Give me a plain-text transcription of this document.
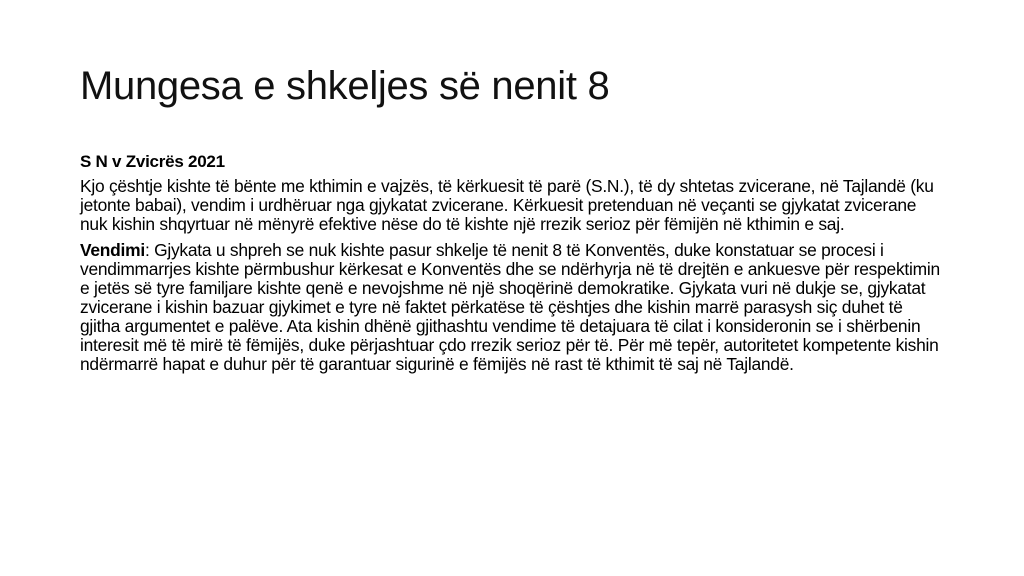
Mungesa e shkeljes së nenit 8

S N v Zvicrës 2021

Kjo çështje kishte të bënte me kthimin e vajzës, të kërkuesit të parë (S.N.), të dy shtetas zvicerane, në Tajlandë (ku jetonte babai), vendim i urdhëruar nga gjykatat zvicerane. Kërkuesit pretenduan në veçanti se gjykatat zvicerane nuk kishin shqyrtuar në mënyrë efektive nëse do të kishte një rrezik serioz për fëmijën në kthimin e saj.

Vendimi: Gjykata u shpreh se nuk kishte pasur shkelje të nenit 8 të Konventës, duke konstatuar se procesi i vendimmarrjes kishte përmbushur kërkesat e Konventës dhe se ndërhyrja në të drejtën e ankuesve për respektimin e jetës së tyre familjare kishte qenë e nevojshme në një shoqërinë demokratike. Gjykata vuri në dukje se, gjykatat zvicerane i kishin bazuar gjykimet e tyre në faktet përkatëse të çështjes dhe kishin marrë parasysh siç duhet të gjitha argumentet e palëve. Ata kishin dhënë gjithashtu vendime të detajuara të cilat i konsideronin se i shërbenin interesit më të mirë të fëmijës, duke përjashtuar çdo rrezik serioz për të. Për më tepër, autoritetet kompetente kishin ndërmarrë hapat e duhur për të garantuar sigurinë e fëmijës në rast të kthimit të saj në Tajlandë.
